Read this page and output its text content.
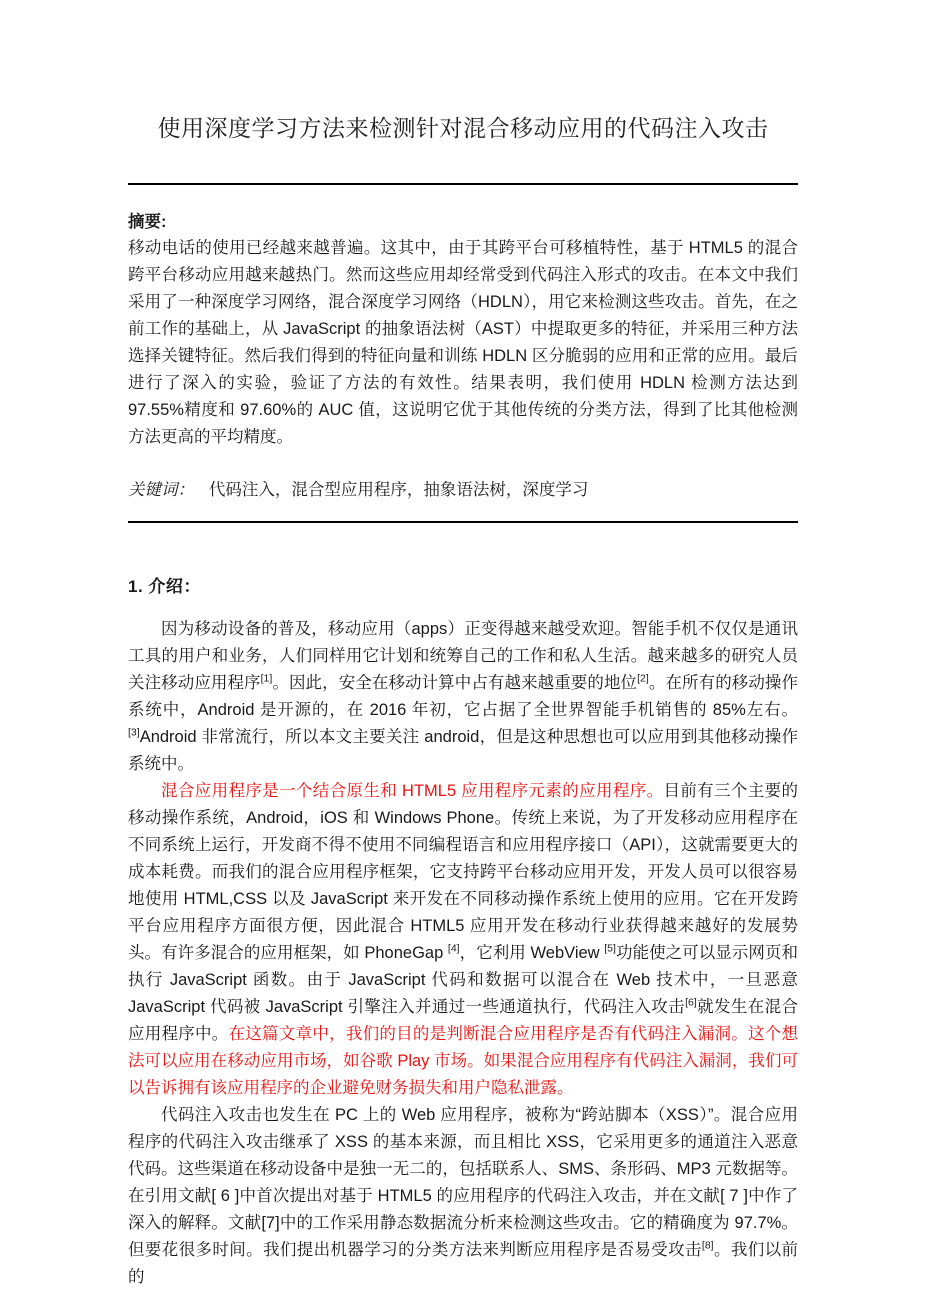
使用深度学习方法来检测针对混合移动应用的代码注入攻击
摘要:
移动电话的使用已经越来越普遍。这其中，由于其跨平台可移植特性，基于 HTML5 的混合跨平台移动应用越来越热门。然而这些应用却经常受到代码注入形式的攻击。在本文中我们采用了一种深度学习网络，混合深度学习网络（HDLN），用它来检测这些攻击。首先，在之前工作的基础上，从 JavaScript 的抽象语法树（AST）中提取更多的特征，并采用三种方法选择关键特征。然后我们得到的特征向量和训练 HDLN 区分脆弱的应用和正常的应用。最后进行了深入的实验，验证了方法的有效性。结果表明，我们使用 HDLN 检测方法达到 97.55%精度和 97.60%的 AUC 值，这说明它优于其他传统的分类方法，得到了比其他检测方法更高的平均精度。
关键词： 代码注入，混合型应用程序，抽象语法树，深度学习
1. 介绍：

因为移动设备的普及，移动应用（apps）正变得越来越受欢迎。智能手机不仅仅是通讯工具的用户和业务，人们同样用它计划和统筹自己的工作和私人生活。越来越多的研究人员关注移动应用程序[1]。因此，安全在移动计算中占有越来越重要的地位[2]。在所有的移动操作系统中，Android 是开源的，在 2016 年初，它占据了全世界智能手机销售的 85%左右。[3]Android 非常流行，所以本文主要关注 android，但是这种思想也可以应用到其他移动操作系统中。

混合应用程序是一个结合原生和 HTML5 应用程序元素的应用程序。目前有三个主要的移动操作系统，Android，iOS 和 Windows Phone。传统上来说，为了开发移动应用程序在不同系统上运行，开发商不得不使用不同编程语言和应用程序接口（API），这就需要更大的成本耗费。而我们的混合应用程序框架，它支持跨平台移动应用开发，开发人员可以很容易地使用 HTML,CSS 以及 JavaScript 来开发在不同移动操作系统上使用的应用。它在开发跨平台应用程序方面很方便，因此混合 HTML5 应用开发在移动行业获得越来越好的发展势头。有许多混合的应用框架，如 PhoneGap [4]，它利用 WebView [5]功能使之可以显示网页和执行 JavaScript 函数。由于 JavaScript 代码和数据可以混合在 Web 技术中，一旦恶意 JavaScript 代码被 JavaScript 引擎注入并通过一些通道执行，代码注入攻击[6]就发生在混合应用程序中。在这篇文章中，我们的目的是判断混合应用程序是否有代码注入漏洞。这个想法可以应用在移动应用市场，如谷歌 Play 市场。如果混合应用程序有代码注入漏洞，我们可以告诉拥有该应用程序的企业避免财务损失和用户隐私泄露。

代码注入攻击也发生在 PC 上的 Web 应用程序，被称为“跨站脚本（XSS）”。混合应用程序的代码注入攻击继承了 XSS 的基本来源，而且相比 XSS，它采用更多的通道注入恶意代码。这些渠道在移动设备中是独一无二的，包括联系人、SMS、条形码、MP3 元数据等。在引用文献[ 6 ]中首次提出对基于 HTML5 的应用程序的代码注入攻击，并在文献[ 7 ]中作了深入的解释。文献[7]中的工作采用静态数据流分析来检测这些攻击。它的精确度为 97.7%。但要花很多时间。我们提出机器学习的分类方法来判断应用程序是否易受攻击[8]。我们以前的
